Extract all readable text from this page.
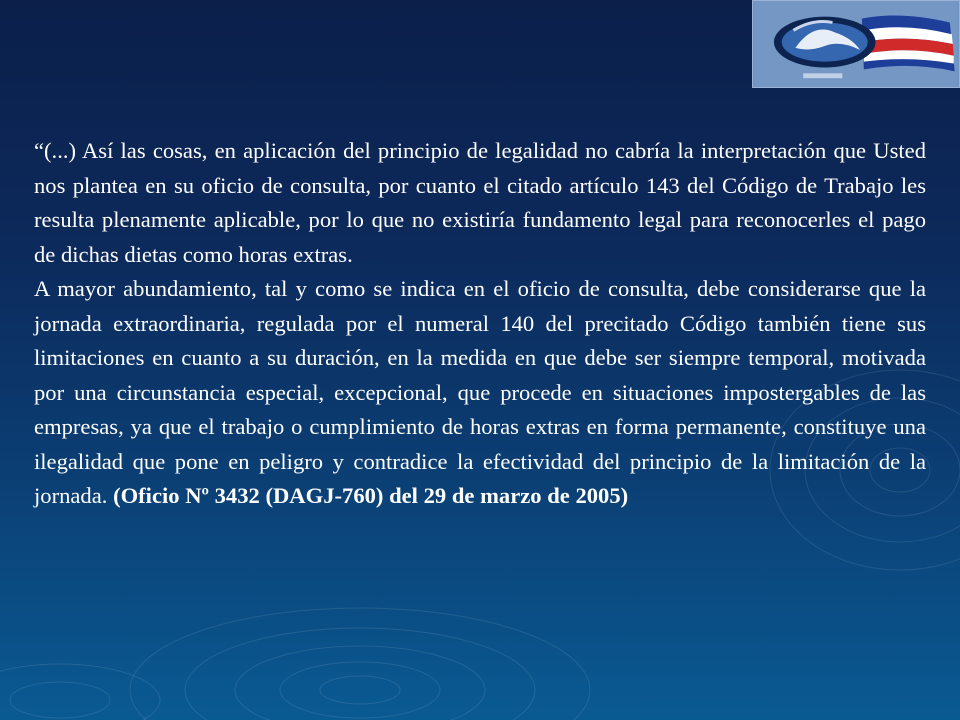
“(...) Así las cosas, en aplicación del principio de legalidad no cabría la interpretación que Usted nos plantea en su oficio de consulta, por cuanto el citado artículo 143 del Código de Trabajo les resulta plenamente aplicable, por lo que no existiría fundamento legal para reconocerles el pago de dichas dietas como horas extras.

A mayor abundamiento, tal y como se indica en el oficio de consulta, debe considerarse que la jornada extraordinaria, regulada por el numeral 140 del precitado Código también tiene sus limitaciones en cuanto a su duración, en la medida en que debe ser siempre temporal, motivada por una circunstancia especial, excepcional, que procede en situaciones impostergables de las empresas, ya que el trabajo o cumplimiento de horas extras en forma permanente, constituye una ilegalidad que pone en peligro y contradice la efectividad del principio de la limitación de la jornada. (Oficio Nº 3432 (DAGJ-760) del 29 de marzo de 2005)
